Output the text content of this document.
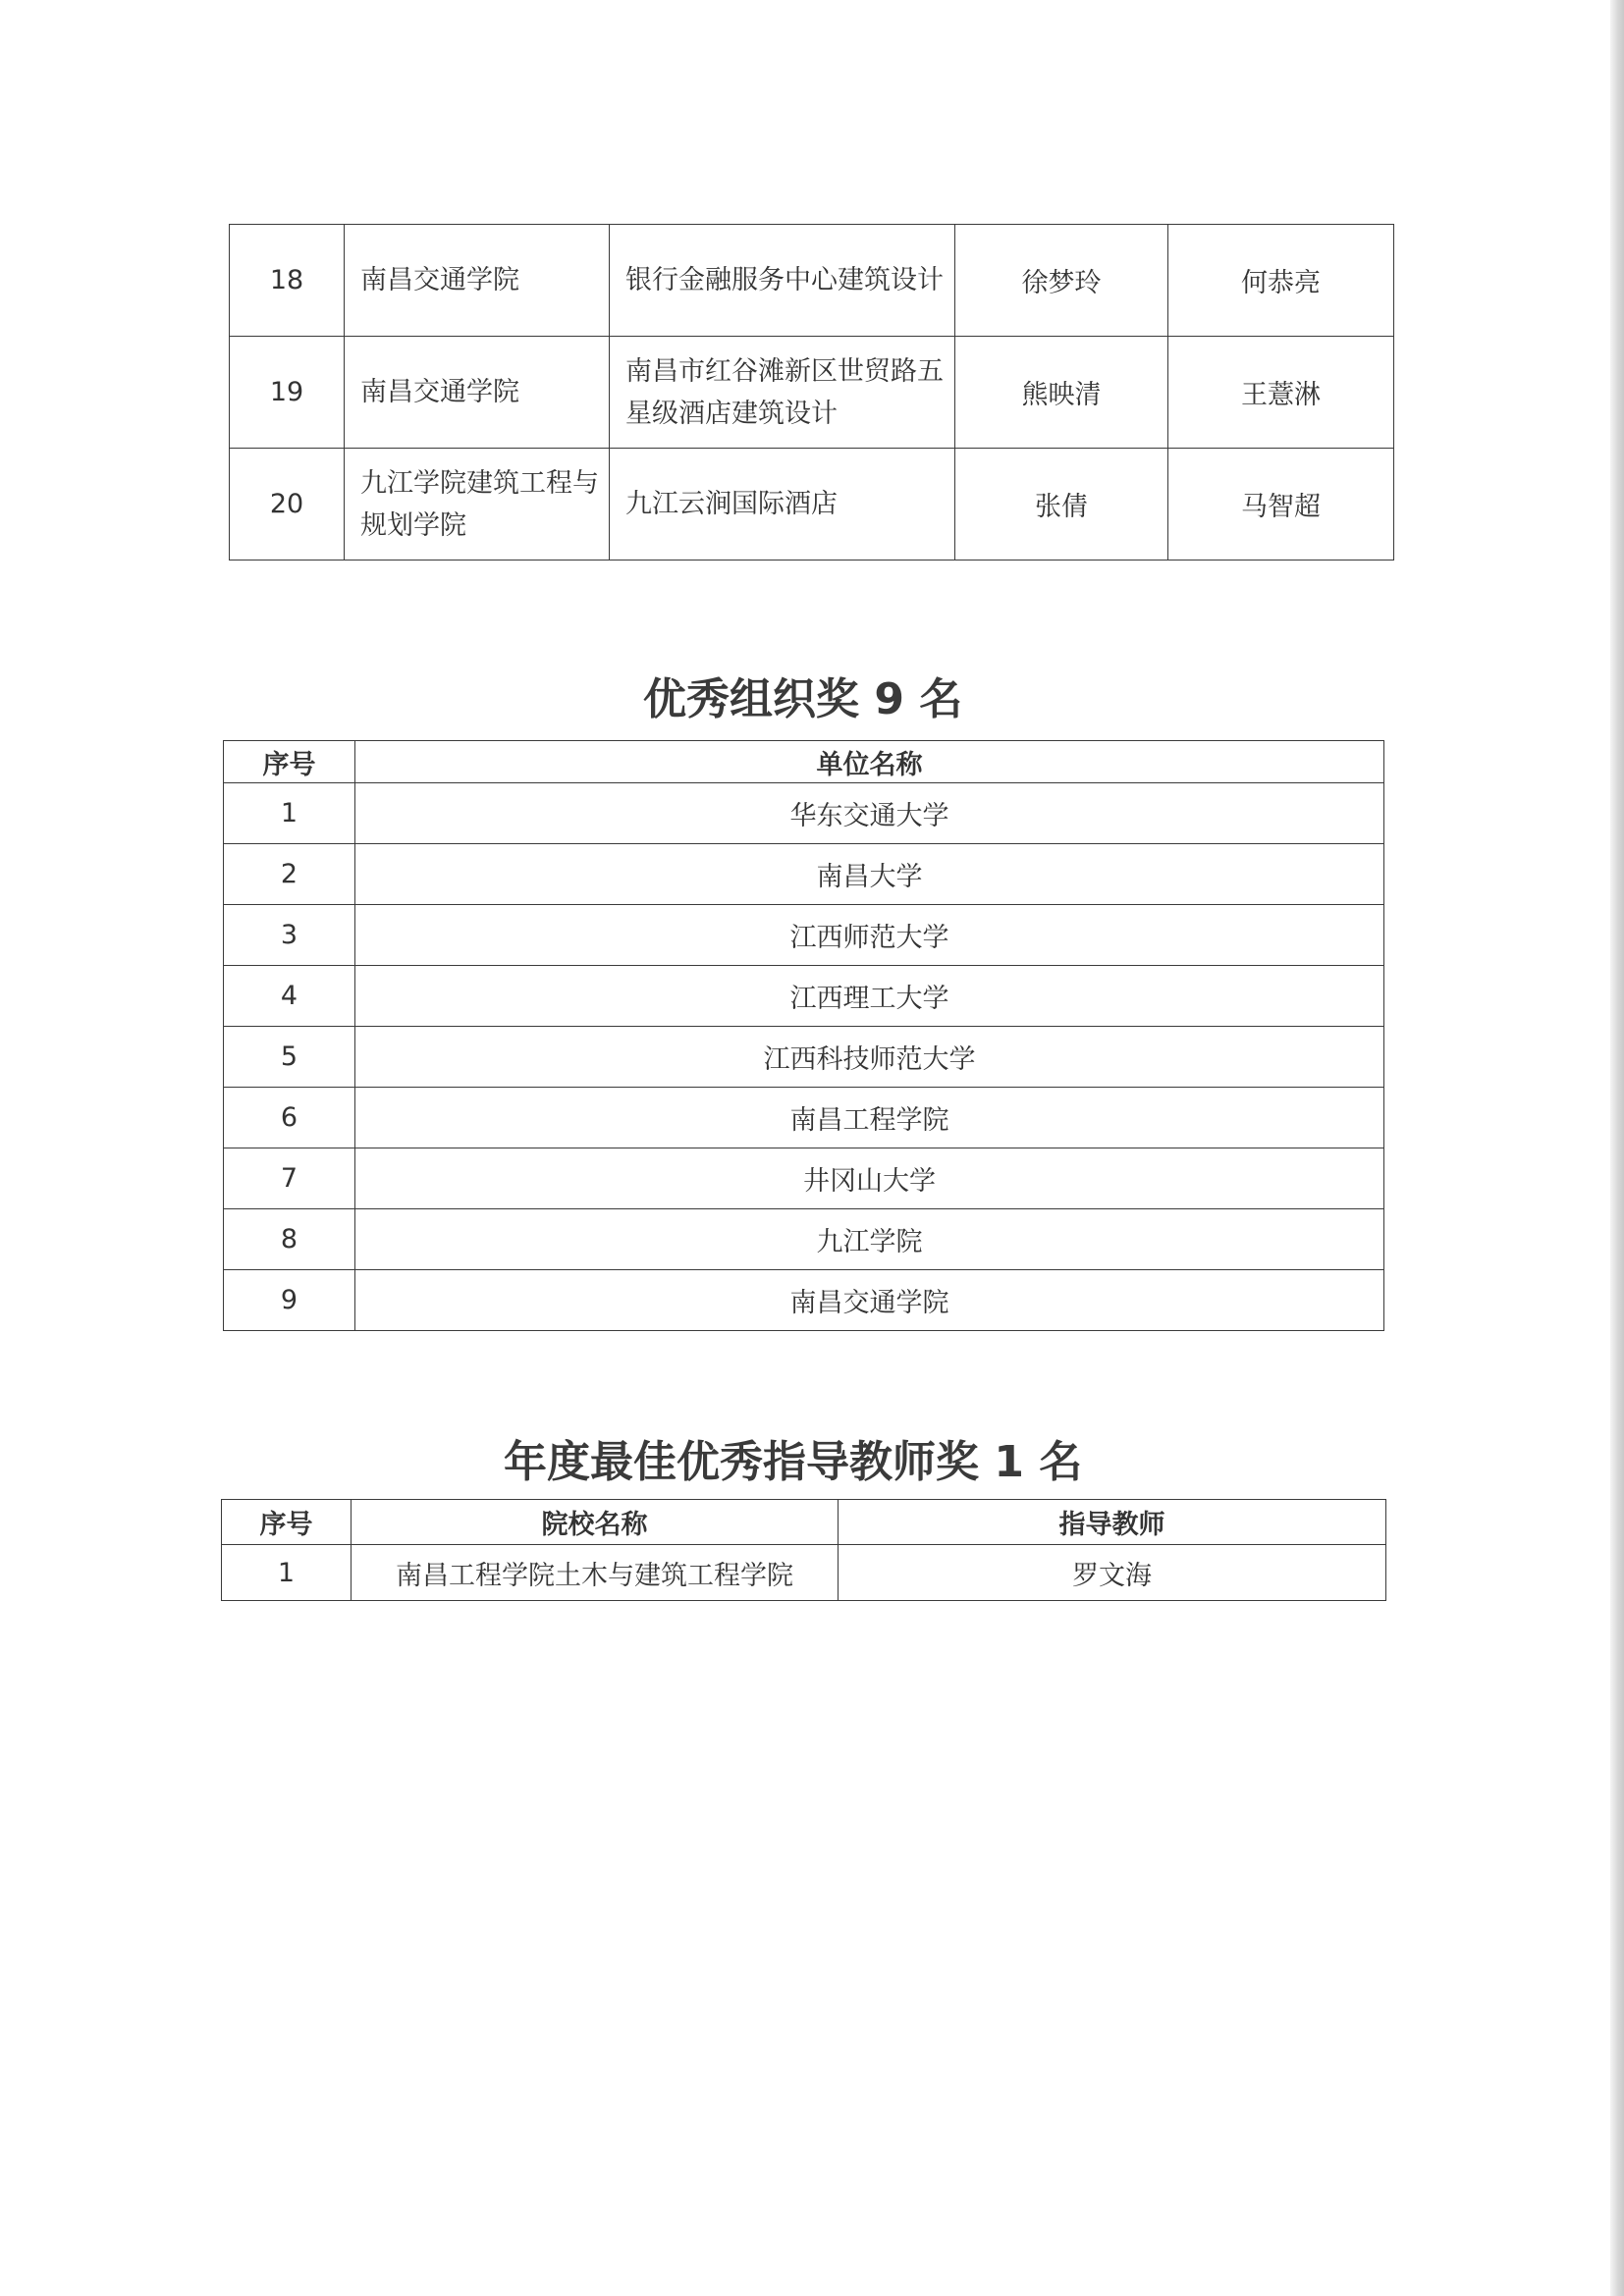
18	南昌交通学院	银行金融服务中心建筑设计	徐梦玲	何恭亮
19	南昌交通学院	南昌市红谷滩新区世贸路五星级酒店建筑设计	熊映清	王薏淋
20	九江学院建筑工程与规划学院	九江云涧国际酒店	张倩	马智超
优秀组织奖 9 名
序号	单位名称
1	华东交通大学
2	南昌大学
3	江西师范大学
4	江西理工大学
5	江西科技师范大学
6	南昌工程学院
7	井冈山大学
8	九江学院
9	南昌交通学院
年度最佳优秀指导教师奖 1 名
序号	院校名称	指导教师
1	南昌工程学院土木与建筑工程学院	罗文海
